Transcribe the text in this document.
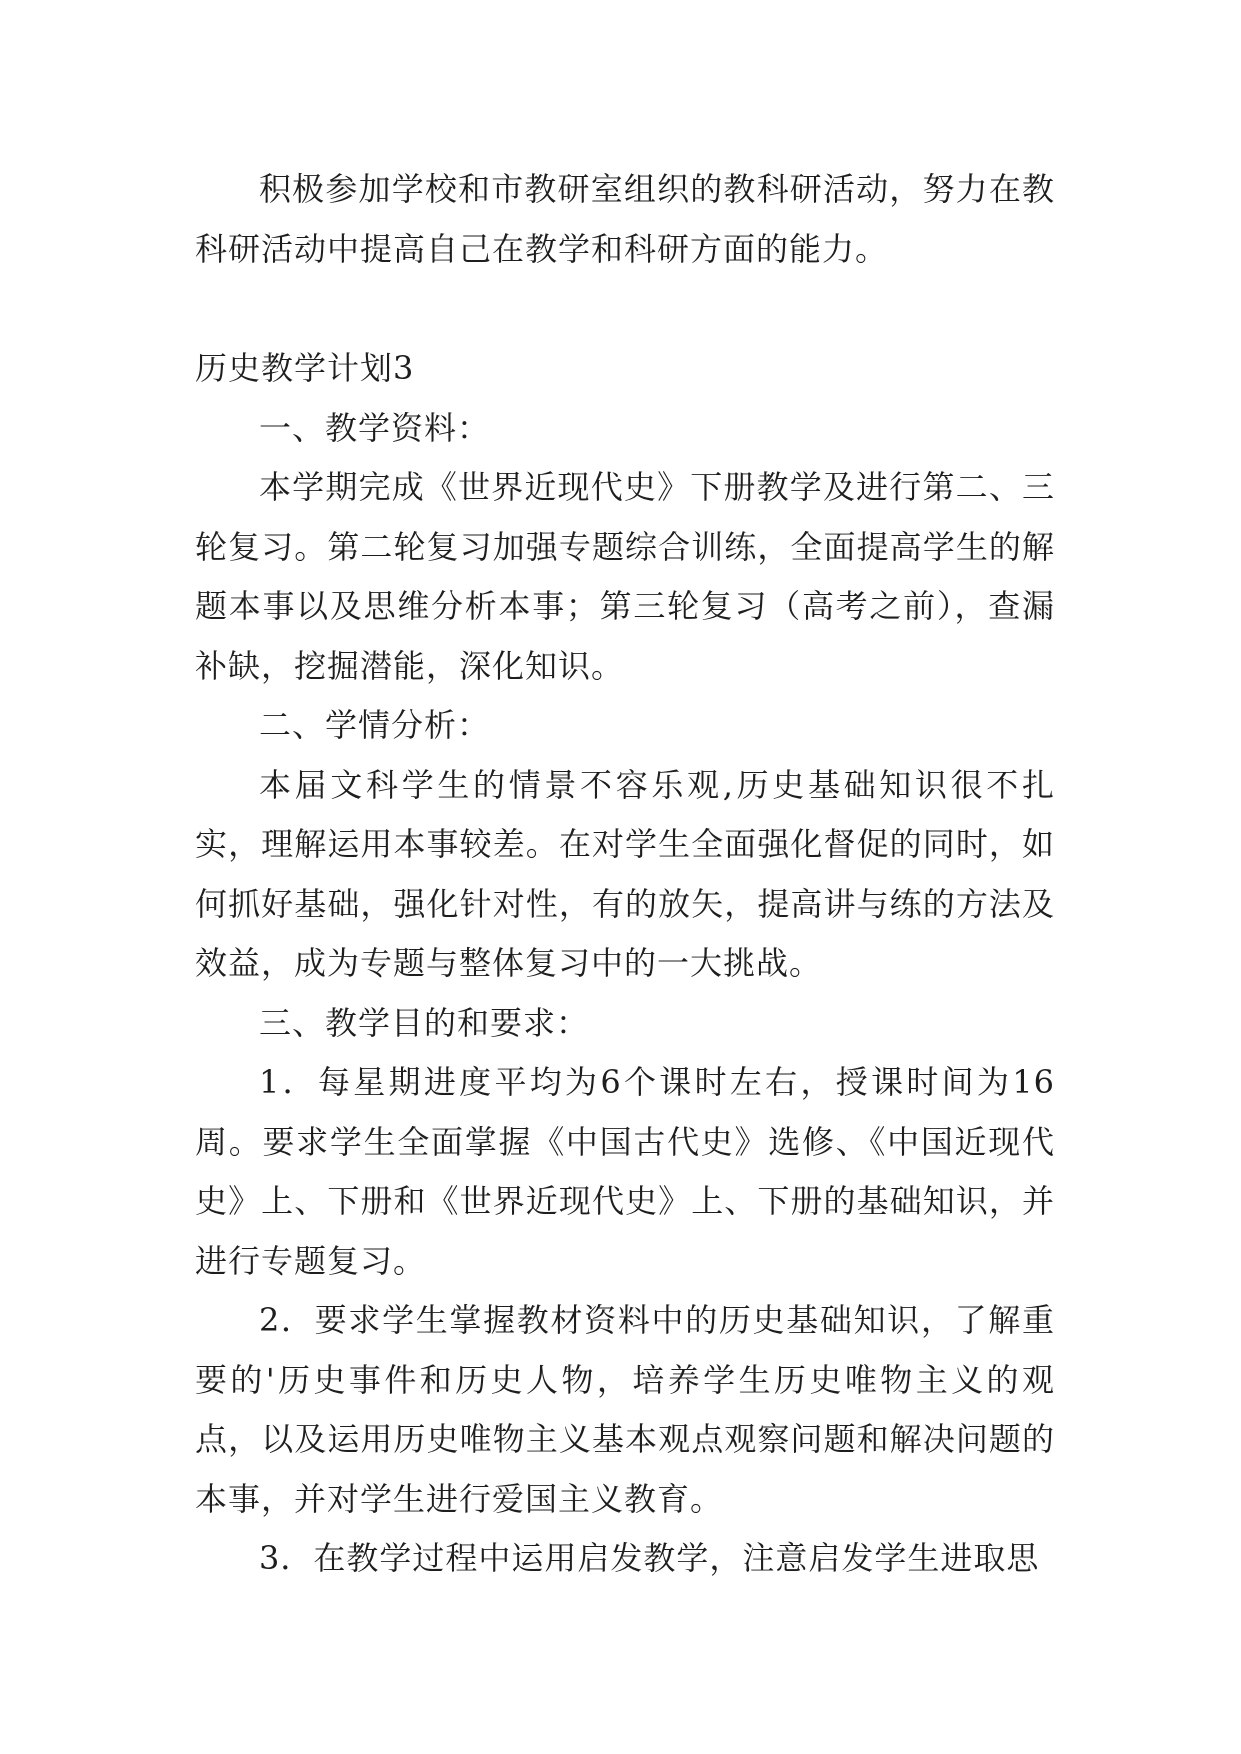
积极参加学校和市教研室组织的教科研活动，努力在教科研活动中提高自己在教学和科研方面的能力。

历史教学计划3

一、教学资料：

本学期完成《世界近现代史》下册教学及进行第二、三轮复习。第二轮复习加强专题综合训练，全面提高学生的解题本事以及思维分析本事；第三轮复习（高考之前），查漏补缺，挖掘潜能，深化知识。

二、学情分析：

本届文科学生的情景不容乐观,历史基础知识很不扎实，理解运用本事较差。在对学生全面强化督促的同时，如何抓好基础，强化针对性，有的放矢，提高讲与练的方法及效益，成为专题与整体复习中的一大挑战。

三、教学目的和要求：

1．每星期进度平均为6个课时左右，授课时间为16周。要求学生全面掌握《中国古代史》选修、《中国近现代史》上、下册和《世界近现代史》上、下册的基础知识，并进行专题复习。

2．要求学生掌握教材资料中的历史基础知识，了解重要的'历史事件和历史人物，培养学生历史唯物主义的观点，以及运用历史唯物主义基本观点观察问题和解决问题的本事，并对学生进行爱国主义教育。

3．在教学过程中运用启发教学，注意启发学生进取思
